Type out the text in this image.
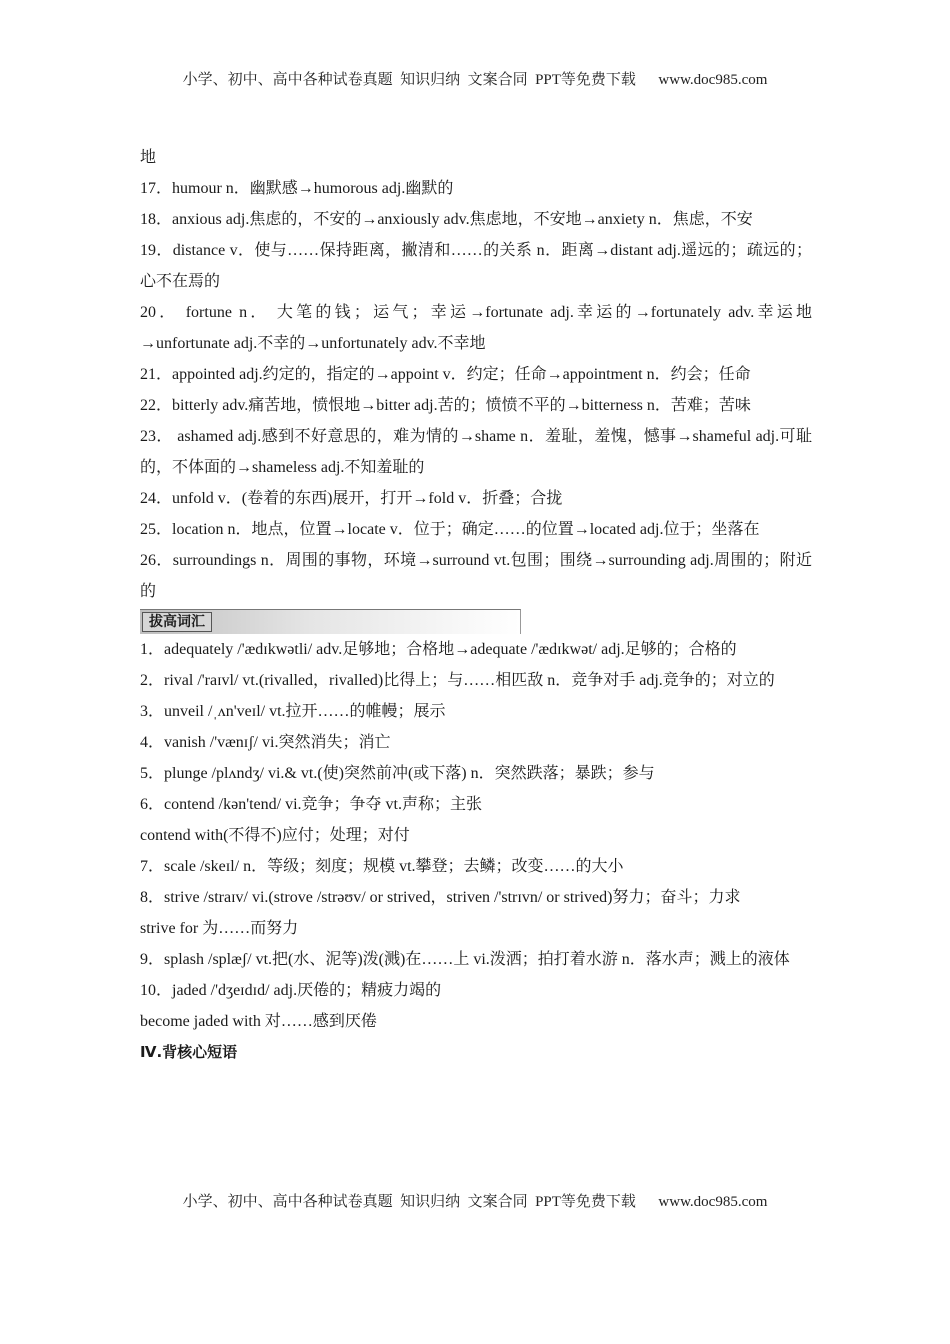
小学、初中、高中各种试卷真题  知识归纳  文案合同  PPT等免费下载      www.doc985.com
地
17．humour n．幽默感→humorous adj.幽默的
18．anxious adj.焦虑的，不安的→anxiously adv.焦虑地，不安地→anxiety n．焦虑，不安
19．distance v．使与……保持距离，撇清和……的关系 n．距离→distant adj.遥远的；疏远的；心不在焉的
20． fortune n． 大笔的钱；运气；幸运→fortunate adj.幸运的→fortunately adv.幸运地→unfortunate adj.不幸的→unfortunately adv.不幸地
21．appointed adj.约定的，指定的→appoint v．约定；任命→appointment n．约会；任命
22．bitterly adv.痛苦地，愤恨地→bitter adj.苦的；愤愤不平的→bitterness n．苦难；苦味
23． ashamed adj.感到不好意思的，难为情的→shame n．羞耻，羞愧，憾事→shameful adj.可耻的，不体面的→shameless adj.不知羞耻的
24．unfold v．(卷着的东西)展开，打开→fold v．折叠；合拢
25．location n．地点，位置→locate v．位于；确定……的位置→located adj.位于；坐落在
26．surroundings n．周围的事物，环境→surround vt.包围；围绕→surrounding adj.周围的；附近的
拔高词汇
1．adequately /'ædɪkwətli/ adv.足够地；合格地→adequate /'ædɪkwət/ adj.足够的；合格的
2．rival /'raɪvl/ vt.(rivalled，rivalled)比得上；与……相匹敌 n．竞争对手 adj.竞争的；对立的
3．unveil /ˌʌn'veɪl/ vt.拉开……的帷幔；展示
4．vanish /'vænɪʃ/ vi.突然消失；消亡
5．plunge /plʌndʒ/ vi.& vt.(使)突然前冲(或下落) n．突然跌落；暴跌；参与
6．contend /kən'tend/ vi.竞争；争夺 vt.声称；主张
contend with(不得不)应付；处理；对付
7．scale /skeɪl/ n．等级；刻度；规模 vt.攀登；去鳞；改变……的大小
8．strive /straɪv/ vi.(strove /strəʊv/ or strived，striven /'strɪvn/ or strived)努力；奋斗；力求
strive for 为……而努力
9．splash /splæʃ/ vt.把(水、泥等)泼(溅)在……上 vi.泼洒；拍打着水游 n．落水声；溅上的液体
10．jaded /'dʒeɪdɪd/ adj.厌倦的；精疲力竭的
become jaded with 对……感到厌倦
Ⅳ.背核心短语
小学、初中、高中各种试卷真题  知识归纳  文案合同  PPT等免费下载      www.doc985.com
